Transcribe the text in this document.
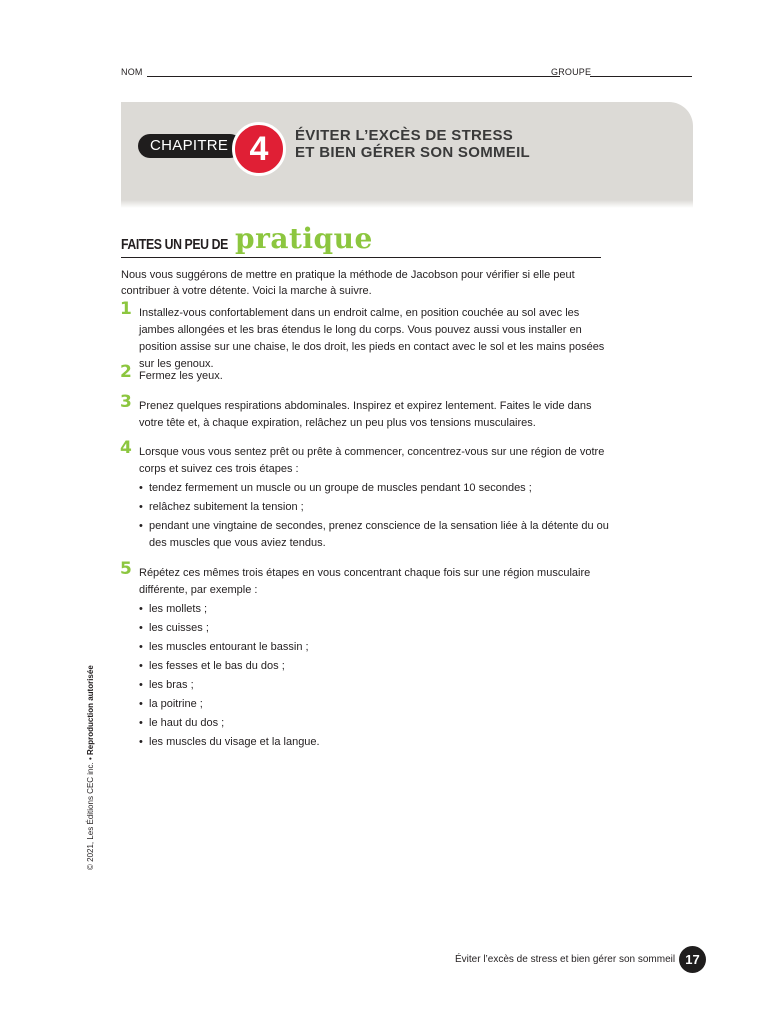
NOM	GROUPE
CHAPITRE 4	ÉVITER L’EXCÈS DE STRESS
ET BIEN GÉRER SON SOMMEIL
FAITES UN PEU DE pratique
Nous vous suggérons de mettre en pratique la méthode de Jacobson pour vérifier si elle peut contribuer à votre détente. Voici la marche à suivre.
1 Installez-vous confortablement dans un endroit calme, en position couchée au sol avec les jambes allongées et les bras étendus le long du corps. Vous pouvez aussi vous installer en position assise sur une chaise, le dos droit, les pieds en contact avec le sol et les mains posées sur les genoux.
2 Fermez les yeux.
3 Prenez quelques respirations abdominales. Inspirez et expirez lentement. Faites le vide dans votre tête et, à chaque expiration, relâchez un peu plus vos tensions musculaires.
4 Lorsque vous vous sentez prêt ou prête à commencer, concentrez-vous sur une région de votre corps et suivez ces trois étapes :
• tendez fermement un muscle ou un groupe de muscles pendant 10 secondes ;
• relâchez subitement la tension ;
• pendant une vingtaine de secondes, prenez conscience de la sensation liée à la détente du ou des muscles que vous aviez tendus.
5 Répétez ces mêmes trois étapes en vous concentrant chaque fois sur une région musculaire différente, par exemple :
• les mollets ;
• les cuisses ;
• les muscles entourant le bassin ;
• les fesses et le bas du dos ;
• les bras ;
• la poitrine ;
• le haut du dos ;
• les muscles du visage et la langue.
© 2021, Les Éditions CEC inc. • Reproduction autorisée
Éviter l’excès de stress et bien gérer son sommeil 17
